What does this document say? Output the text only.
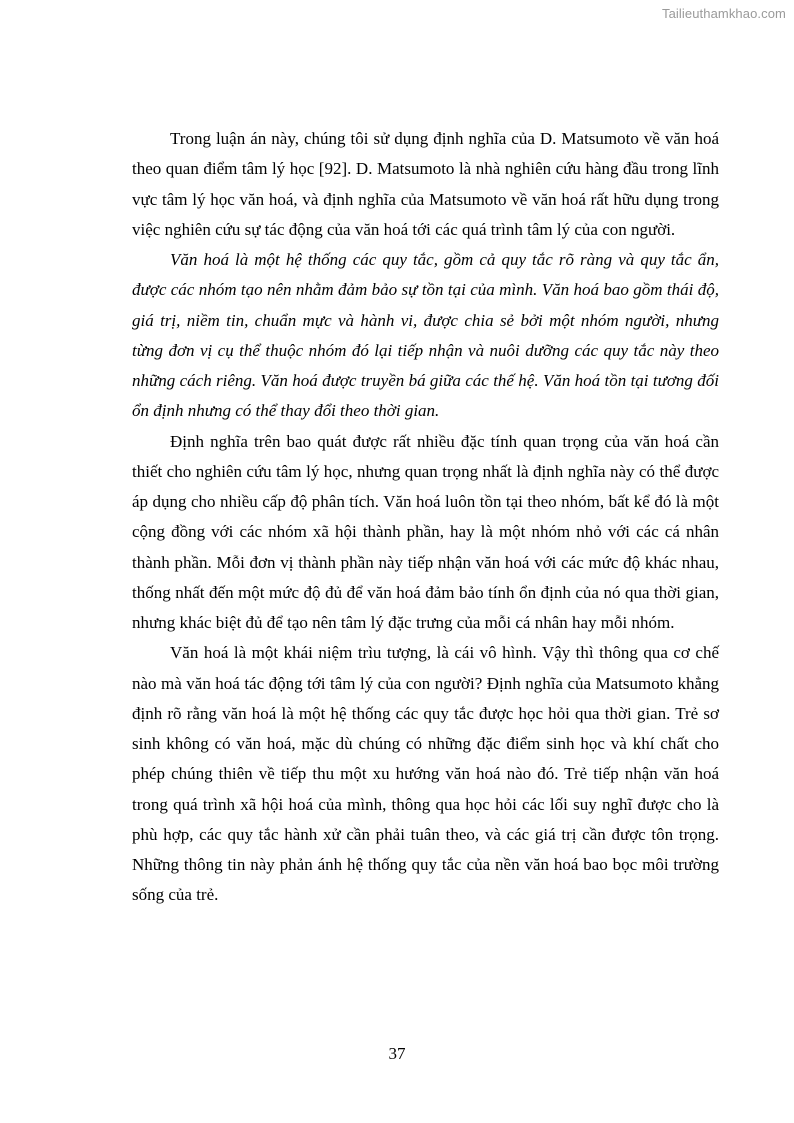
Tailieuthamkhao.com

Trong luận án này, chúng tôi sử dụng định nghĩa của D. Matsumoto về văn hoá theo quan điểm tâm lý học [92]. D. Matsumoto là nhà nghiên cứu hàng đầu trong lĩnh vực tâm lý học văn hoá, và định nghĩa của Matsumoto về văn hoá rất hữu dụng trong việc nghiên cứu sự tác động của văn hoá tới các quá trình tâm lý của con người.

Văn hoá là một hệ thống các quy tắc, gồm cả quy tắc rõ ràng và quy tắc ẩn, được các nhóm tạo nên nhằm đảm bảo sự tồn tại của mình. Văn hoá bao gồm thái độ, giá trị, niềm tin, chuẩn mực và hành vi, được chia sẻ bởi một nhóm người, nhưng từng đơn vị cụ thể thuộc nhóm đó lại tiếp nhận và nuôi dưỡng các quy tắc này theo những cách riêng. Văn hoá được truyền bá giữa các thế hệ. Văn hoá tồn tại tương đối ổn định nhưng có thể thay đổi theo thời gian.

Định nghĩa trên bao quát được rất nhiều đặc tính quan trọng của văn hoá cần thiết cho nghiên cứu tâm lý học, nhưng quan trọng nhất là định nghĩa này có thể được áp dụng cho nhiều cấp độ phân tích. Văn hoá luôn tồn tại theo nhóm, bất kể đó là một cộng đồng với các nhóm xã hội thành phần, hay là một nhóm nhỏ với các cá nhân thành phần. Mỗi đơn vị thành phần này tiếp nhận văn hoá với các mức độ khác nhau, thống nhất đến một mức độ đủ để văn hoá đảm bảo tính ổn định của nó qua thời gian, nhưng khác biệt đủ để tạo nên tâm lý đặc trưng của mỗi cá nhân hay mỗi nhóm.

Văn hoá là một khái niệm trìu tượng, là cái vô hình. Vậy thì thông qua cơ chế nào mà văn hoá tác động tới tâm lý của con người? Định nghĩa của Matsumoto khẳng định rõ rằng văn hoá là một hệ thống các quy tắc được học hỏi qua thời gian. Trẻ sơ sinh không có văn hoá, mặc dù chúng có những đặc điểm sinh học và khí chất cho phép chúng thiên về tiếp thu một xu hướng văn hoá nào đó. Trẻ tiếp nhận văn hoá trong quá trình xã hội hoá của mình, thông qua học hỏi các lối suy nghĩ được cho là phù hợp, các quy tắc hành xử cần phải tuân theo, và các giá trị cần được tôn trọng. Những thông tin này phản ánh hệ thống quy tắc của nền văn hoá bao bọc môi trường sống của trẻ.

37
